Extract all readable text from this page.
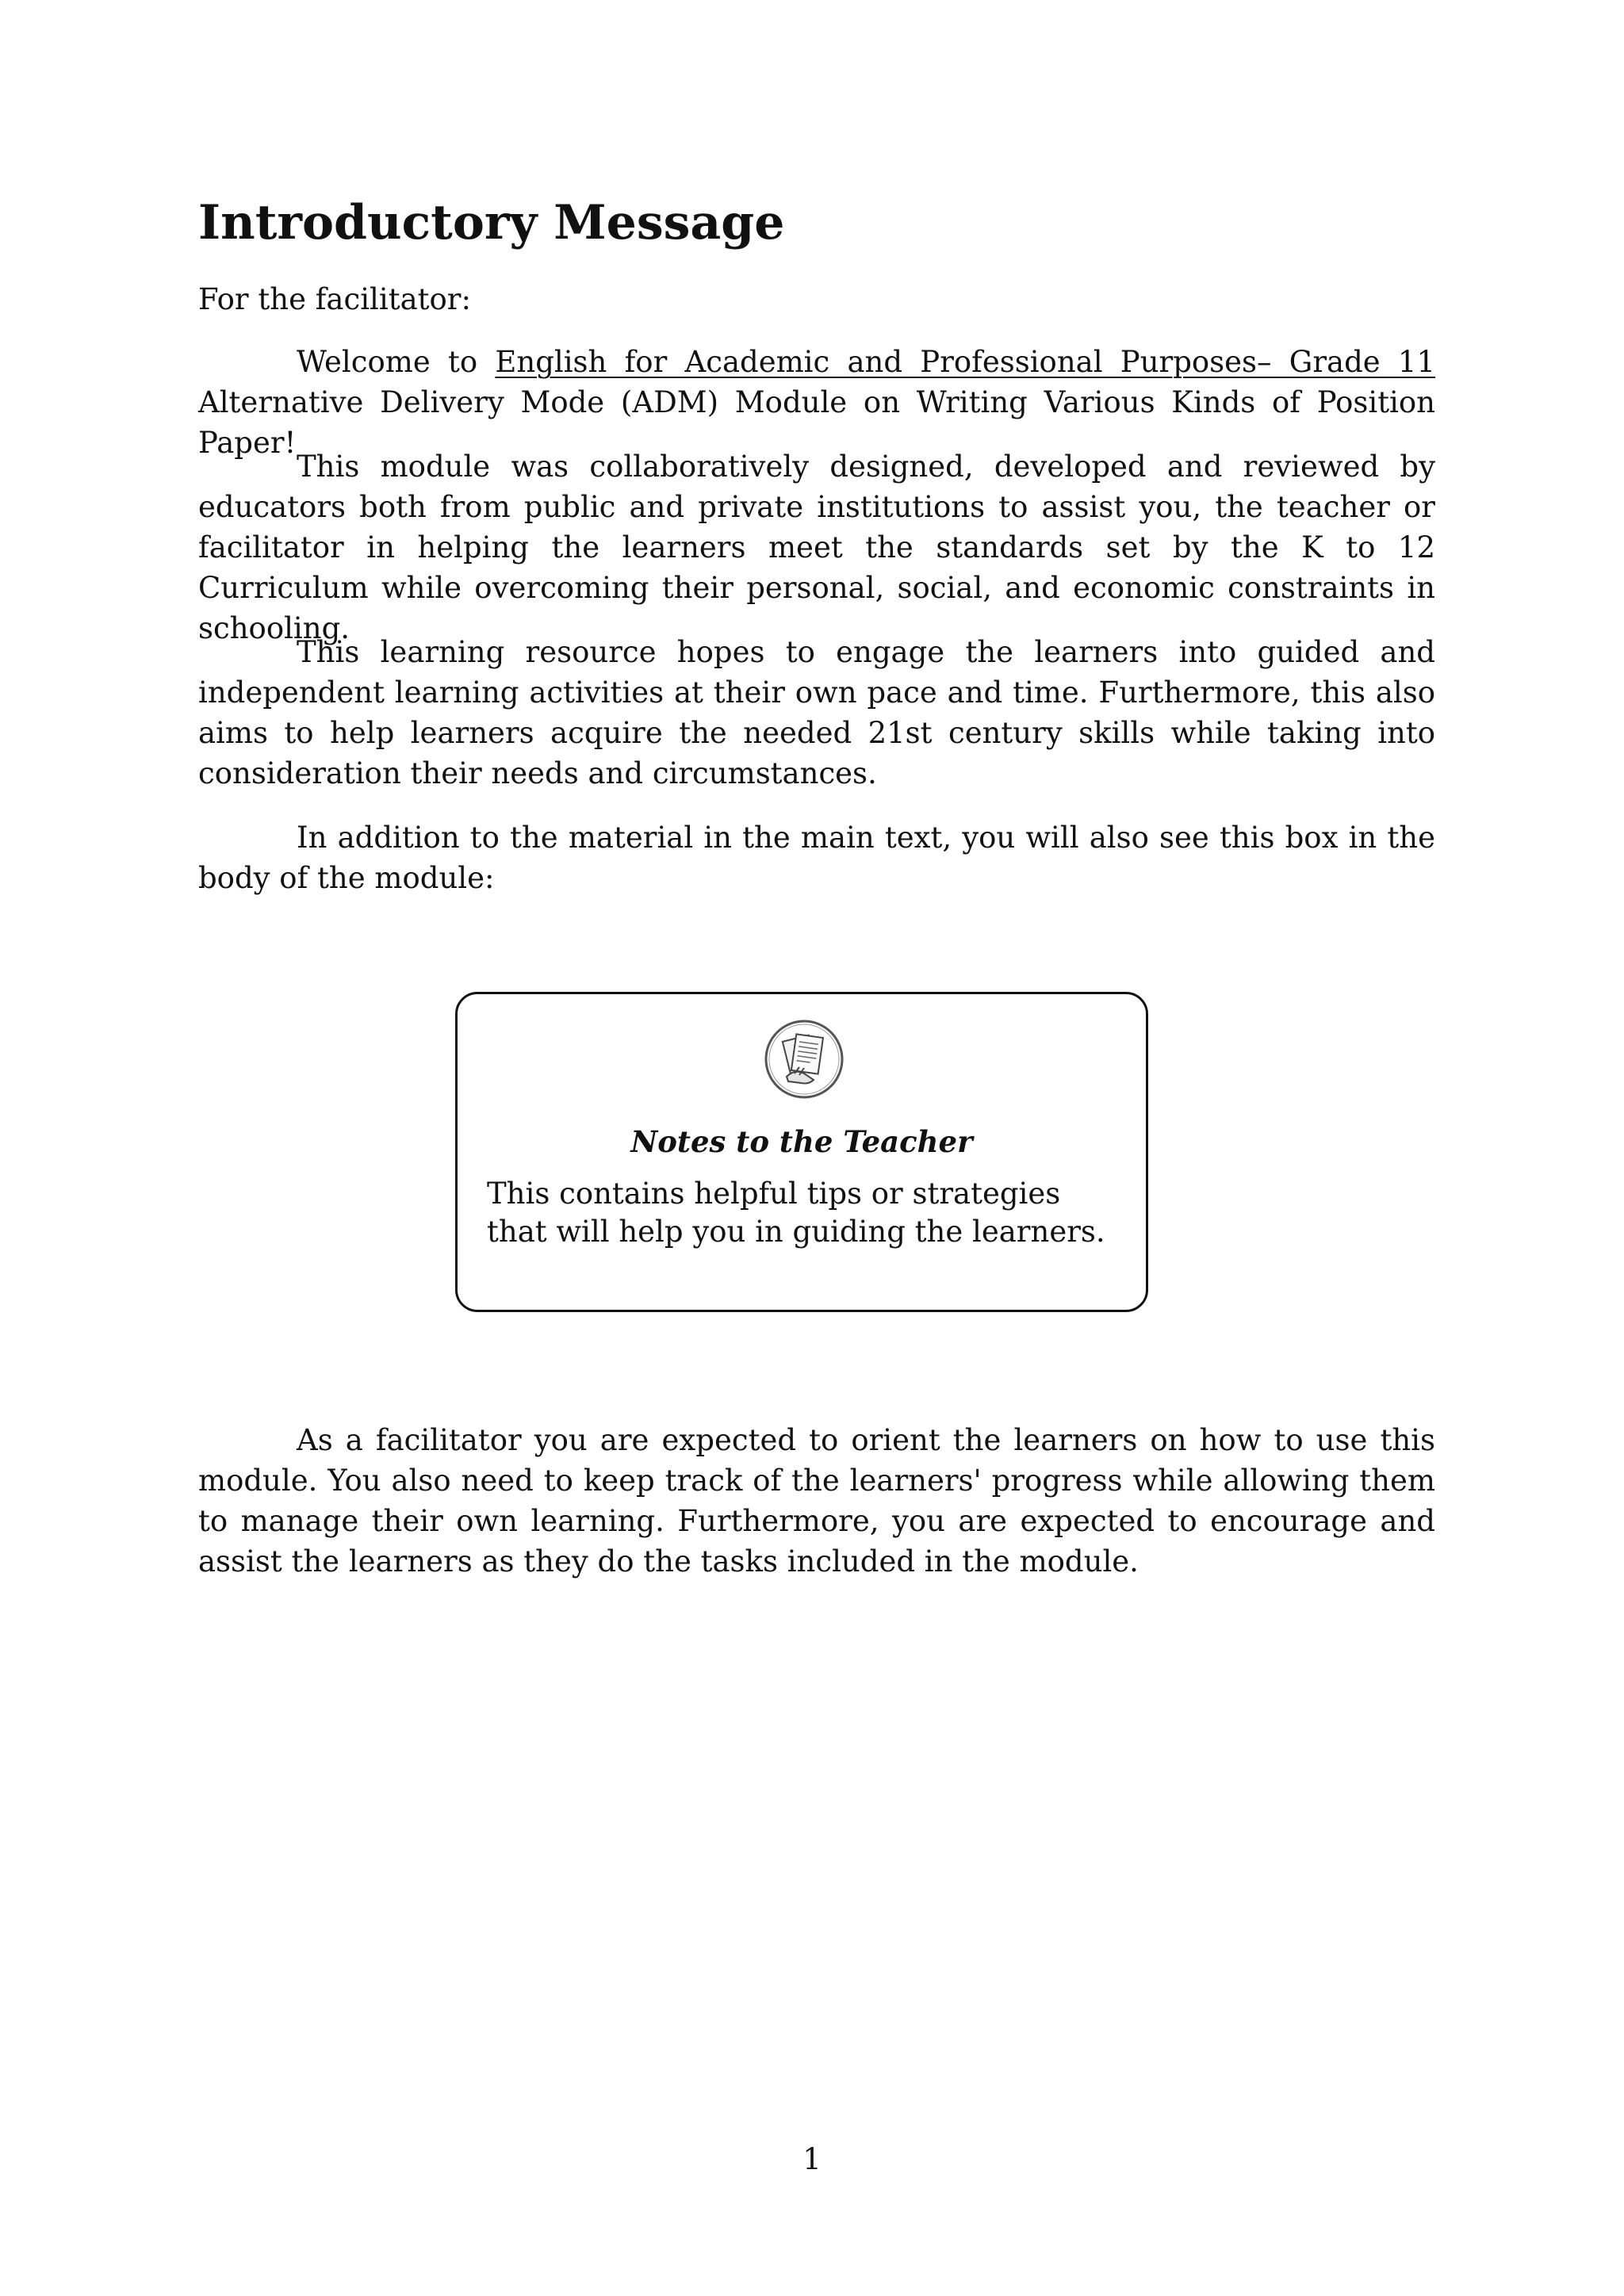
Introductory Message

For the facilitator:

Welcome to English for Academic and Professional Purposes– Grade 11 Alternative Delivery Mode (ADM) Module on Writing Various Kinds of Position Paper!

This module was collaboratively designed, developed and reviewed by educators both from public and private institutions to assist you, the teacher or facilitator in helping the learners meet the standards set by the K to 12 Curriculum while overcoming their personal, social, and economic constraints in schooling.

This learning resource hopes to engage the learners into guided and independent learning activities at their own pace and time. Furthermore, this also aims to help learners acquire the needed 21st century skills while taking into consideration their needs and circumstances.

In addition to the material in the main text, you will also see this box in the body of the module:

Notes to the Teacher
This contains helpful tips or strategies that will help you in guiding the learners.

As a facilitator you are expected to orient the learners on how to use this module. You also need to keep track of the learners' progress while allowing them to manage their own learning. Furthermore, you are expected to encourage and assist the learners as they do the tasks included in the module.

1
